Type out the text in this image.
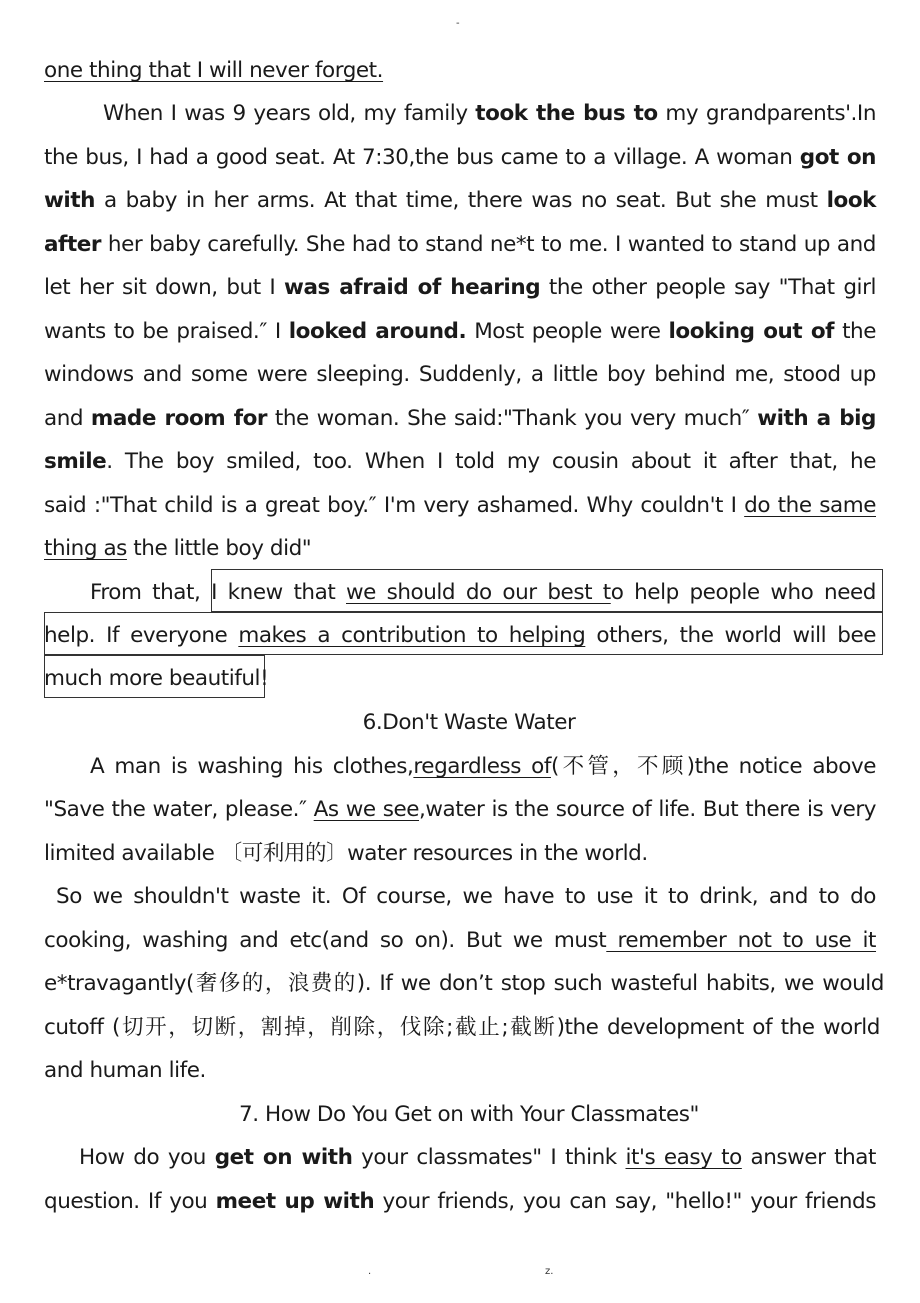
-
one thing that I will never forget.
When I was 9 years old, my family took the bus to my grandparents'.In
the bus, I had a good seat. At 7:30,the bus came to a village. A woman got on
with a baby in her arms. At that time, there was no seat. But she must look
after her baby carefully. She had to stand ne*t to me. I wanted to stand up and
let her sit down, but I was afraid of hearing the other people say "That girl
wants to be praised.″ I looked around. Most people were looking out of the
windows and some were sleeping. Suddenly, a little boy behind me, stood up
and made room for the woman. She said:"Thank you very much″ with a big
smile. The boy smiled, too. When I told my cousin about it after that, he
said :"That child is a great boy.″ I'm very ashamed. Why couldn't I do the same
thing as the little boy did"
From that, I knew that we should do our best to help people who need
help. If everyone makes a contribution to helping others, the world will bee
much more beautiful!
6.Don't Waste Water
A man is washing his clothes,regardless of(不管，不顾)the notice above
"Save the water, please.″ As we see,water is the source of life. But there is very
limited available 〔可利用的〕water resources in the world.
So we shouldn't waste it. Of course, we have to use it to drink, and to do
cooking, washing and etc(and so on). But we must remember not to use it
e*travagantly(奢侈的，浪费的). If we don’t stop such wasteful habits, we would
cutoff (切开，切断，割掉，削除，伐除;截止;截断)the development of the world
and human life.
7. How Do You Get on with Your Classmates"
How do you get on with your classmates" I think it's easy to answer that
question. If you meet up with your friends, you can say, "hello!" your friends
.	z.
